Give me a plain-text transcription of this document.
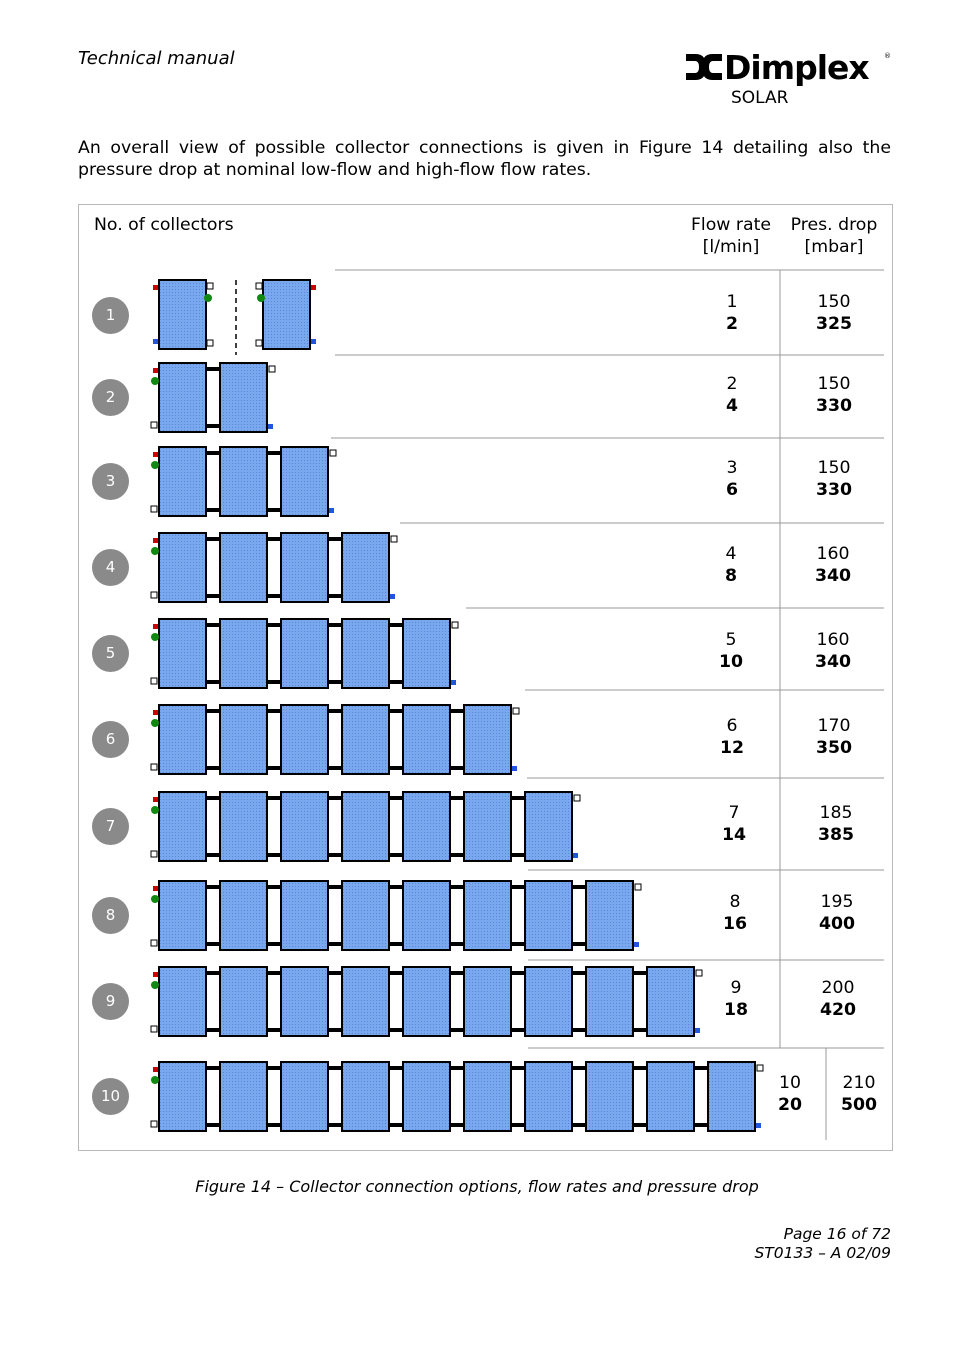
Technical manual	Dimplex ®
SOLAR
An overall view of possible collector connections is given in Figure 14 detailing also the pressure drop at nominal low-flow and high-flow flow rates.
No. of collectors	Flow rate
[l/min]
Pres. drop
[mbar]
1
1
2
150
325
2
2
4
150
330
3
3
6
150
330
4
4
8
160
340
5
5
10
160
340
6
6
12
170
350
7
7
14
185
385
8
8
16
195
400
9
9
18
200
420
10
10
20
210
500
Figure 14 – Collector connection options, flow rates and pressure drop
Page 16 of 72
ST0133 – A 02/09
